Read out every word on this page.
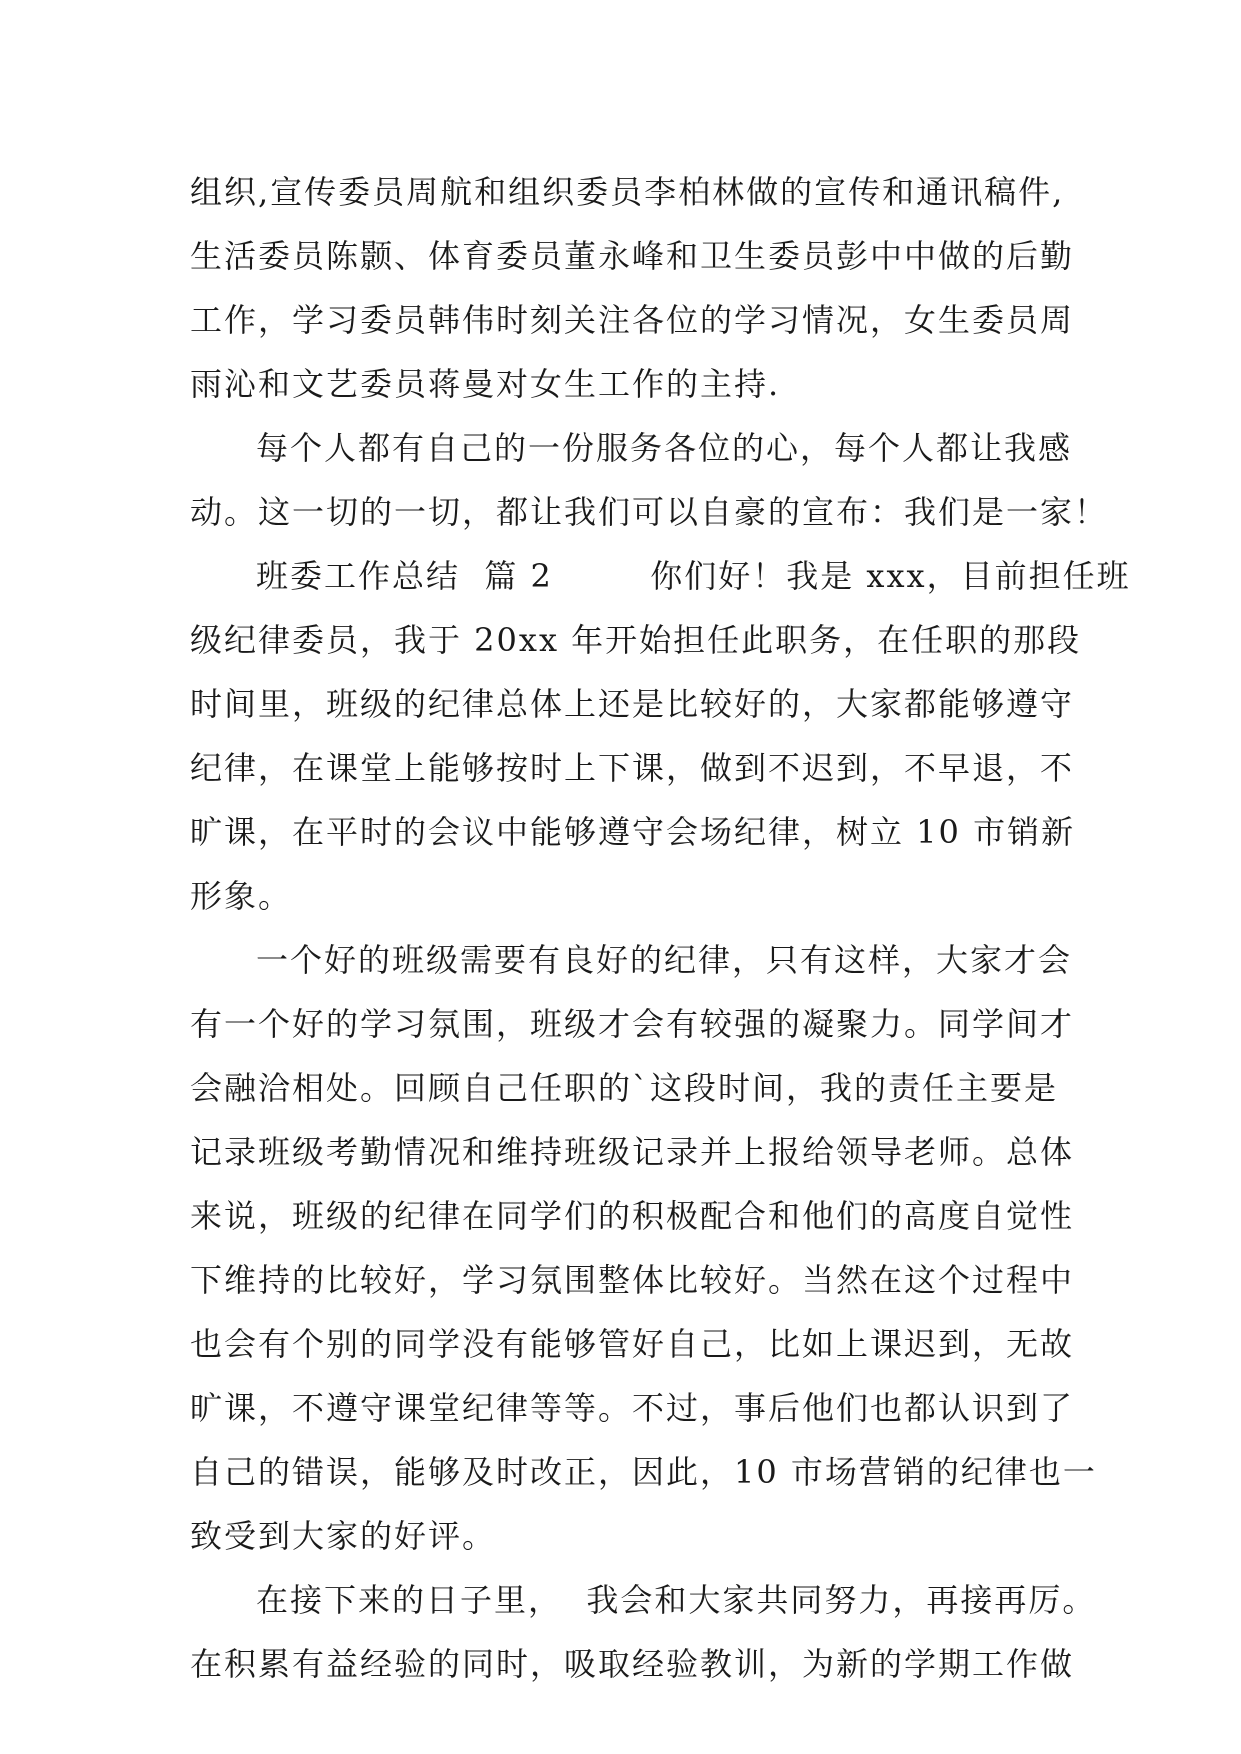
组织,宣传委员周航和组织委员李柏林做的宣传和通讯稿件,
生活委员陈颢、体育委员董永峰和卫生委员彭中中做的后勤
工作，学习委员韩伟时刻关注各位的学习情况，女生委员周
雨沁和文艺委员蒋曼对女生工作的主持.
每个人都有自己的一份服务各位的心，每个人都让我感
动。这一切的一切，都让我们可以自豪的宣布：我们是一家！
班委工作总结  篇 2        你们好！我是 xxx，目前担任班
级纪律委员，我于 20xx 年开始担任此职务，在任职的那段
时间里，班级的纪律总体上还是比较好的，大家都能够遵守
纪律，在课堂上能够按时上下课，做到不迟到，不早退，不
旷课，在平时的会议中能够遵守会场纪律，树立 10 市销新
形象。
一个好的班级需要有良好的纪律，只有这样，大家才会
有一个好的学习氛围，班级才会有较强的凝聚力。同学间才
会融洽相处。回顾自己任职的`这段时间，我的责任主要是
记录班级考勤情况和维持班级记录并上报给领导老师。总体
来说，班级的纪律在同学们的积极配合和他们的高度自觉性
下维持的比较好，学习氛围整体比较好。当然在这个过程中
也会有个别的同学没有能够管好自己，比如上课迟到，无故
旷课，不遵守课堂纪律等等。不过，事后他们也都认识到了
自己的错误，能够及时改正，因此，10 市场营销的纪律也一
致受到大家的好评。
在接下来的日子里，  我会和大家共同努力，再接再厉。
在积累有益经验的同时，吸取经验教训，为新的学期工作做
